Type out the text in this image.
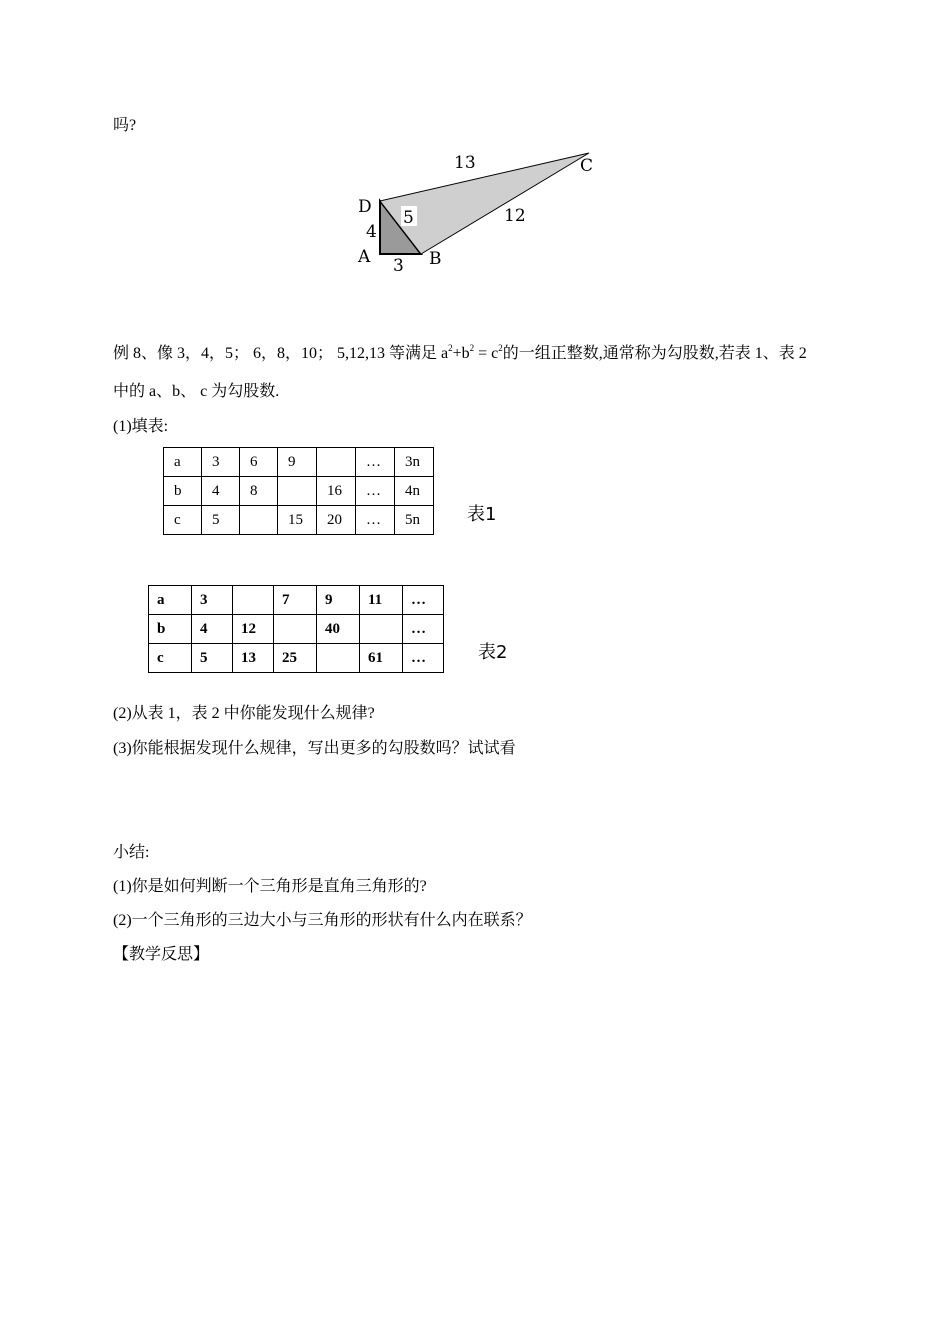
吗?
D
A	B
C
4
3
5
13
12
例 8、像 3，4，5； 6，8，10； 5,12,13 等满足 $a^2+b^2 = c^2$的一组正整数,通常称为勾股数,若表 1、表 2
中的 a、b、 c 为勾股数.
(1)填表:
a	3	6	9		…	3n
b	4	8		16	…	4n
c	5		15	20	…	5n	表1
a	3		7	9	11	…
b	4	12		40		…
c	5	13	25		61	…	表2
(2)从表 1，表 2 中你能发现什么规律?
(3)你能根据发现什么规律，写出更多的勾股数吗？试试看
小结:
(1)你是如何判断一个三角形是直角三角形的?
(2)一个三角形的三边大小与三角形的形状有什么内在联系？
【教学反思】
